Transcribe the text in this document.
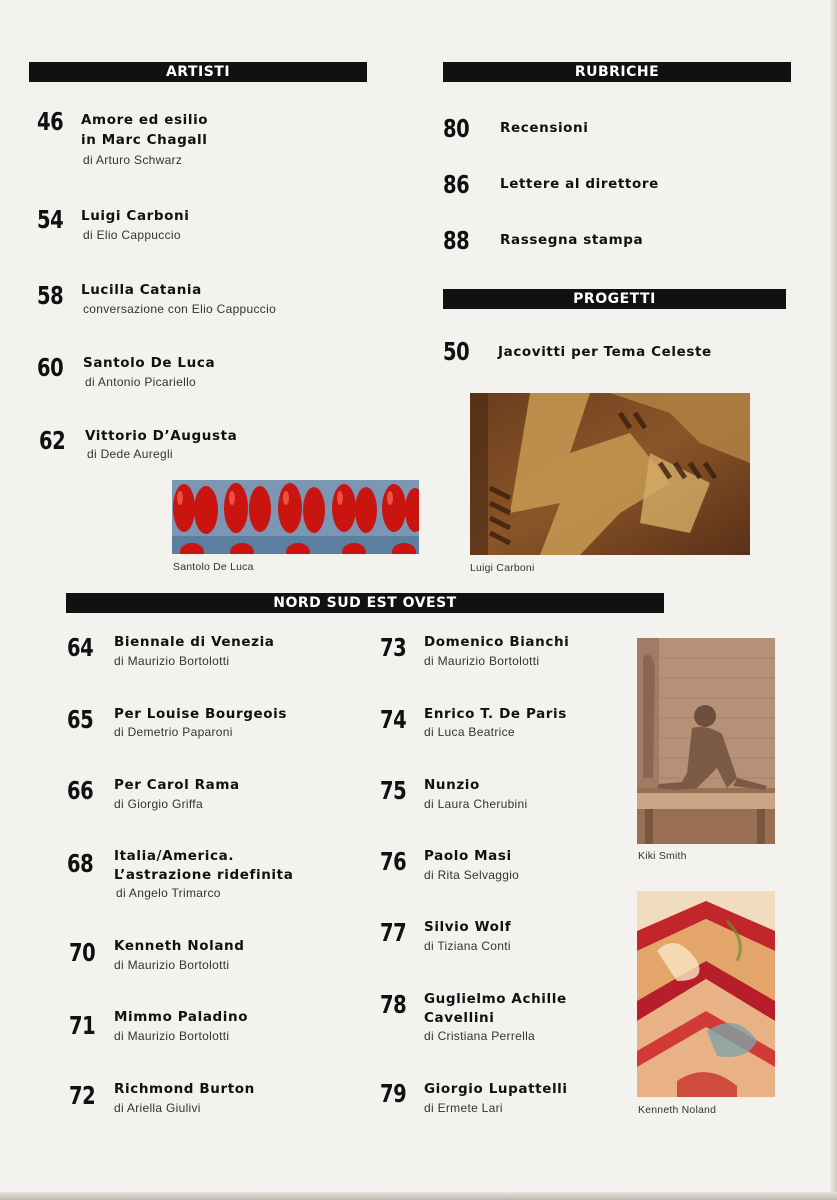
ARTISTI
46 Amore ed esilio
in Marc Chagall
di Arturo Schwarz
54 Luigi Carboni
di Elio Cappuccio
58 Lucilla Catania
conversazione con Elio Cappuccio
60 Santolo De Luca
di Antonio Picariello
62 Vittorio D’Augusta
di Dede Auregli
Santolo De Luca
RUBRICHE
80 Recensioni
86 Lettere al direttore
88 Rassegna stampa
PROGETTI
50 Jacovitti per Tema Celeste
Luigi Carboni
NORD SUD EST OVEST
64 Biennale di Venezia
di Maurizio Bortolotti
65 Per Louise Bourgeois
di Demetrio Paparoni
66 Per Carol Rama
di Giorgio Griffa
68 Italia/America.
L’astrazione ridefinita
di Angelo Trimarco
70 Kenneth Noland
di Maurizio Bortolotti
71 Mimmo Paladino
di Maurizio Bortolotti
72 Richmond Burton
di Ariella Giulivi
73 Domenico Bianchi
di Maurizio Bortolotti
74 Enrico T. De Paris
di Luca Beatrice
75 Nunzio
di Laura Cherubini
76 Paolo Masi
di Rita Selvaggio
77 Silvio Wolf
di Tiziana Conti
78 Guglielmo Achille
Cavellini
di Cristiana Perrella
79 Giorgio Lupattelli
di Ermete Lari
Kiki Smith
Kenneth Noland
